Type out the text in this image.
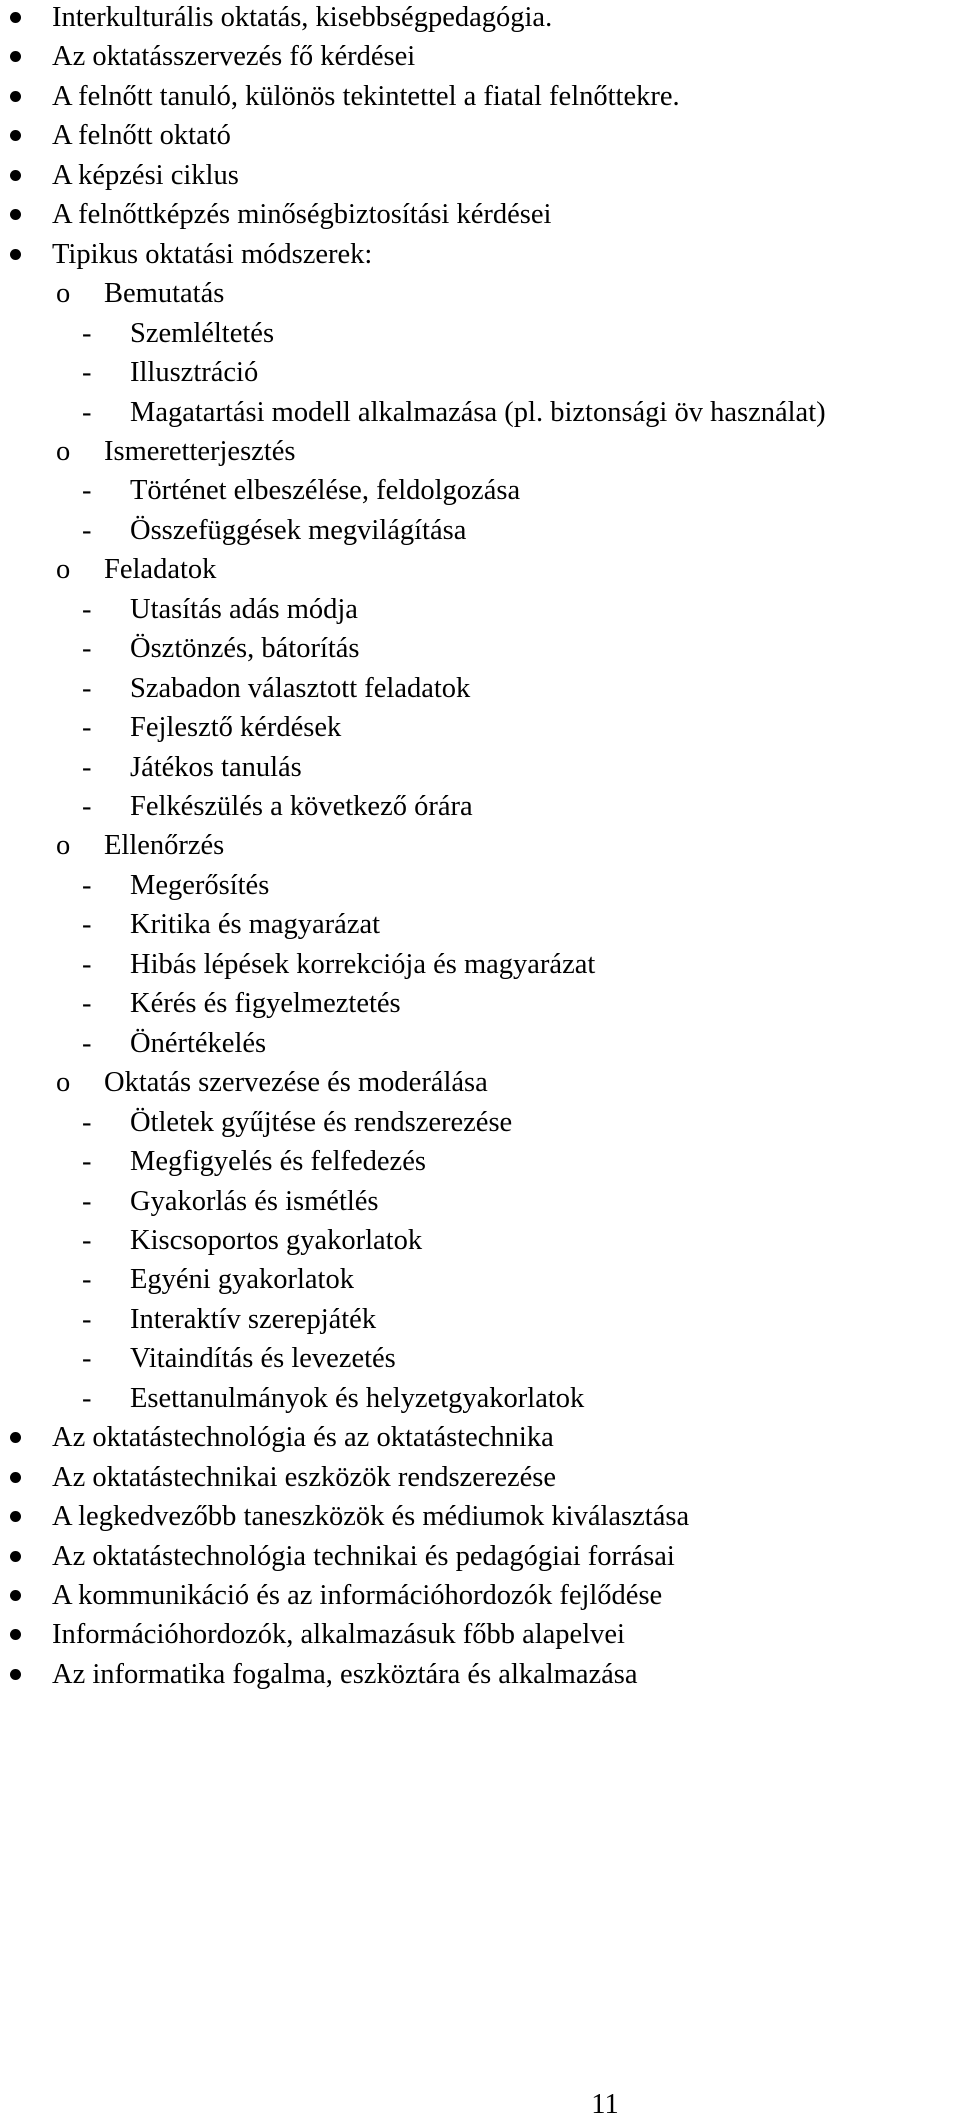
Interkulturális oktatás, kisebbségpedagógia.
Az oktatásszervezés fő kérdései
A felnőtt tanuló, különös tekintettel a fiatal felnőttekre.
A felnőtt oktató
A képzési ciklus
A felnőttképzés minőségbiztosítási kérdései
Tipikus oktatási módszerek:
o Bemutatás
- Szemléltetés
- Illusztráció
- Magatartási modell alkalmazása (pl. biztonsági öv használat)
o Ismeretterjesztés
- Történet elbeszélése, feldolgozása
- Összefüggések megvilágítása
o Feladatok
- Utasítás adás módja
- Ösztönzés, bátorítás
- Szabadon választott feladatok
- Fejlesztő kérdések
- Játékos tanulás
- Felkészülés a következő órára
o Ellenőrzés
- Megerősítés
- Kritika és magyarázat
- Hibás lépések korrekciója és magyarázat
- Kérés és figyelmeztetés
- Önértékelés
o Oktatás szervezése és moderálása
- Ötletek gyűjtése és rendszerezése
- Megfigyelés és felfedezés
- Gyakorlás és ismétlés
- Kiscsoportos gyakorlatok
- Egyéni gyakorlatok
- Interaktív szerepjáték
- Vitaindítás és levezetés
- Esettanulmányok és helyzetgyakorlatok
Az oktatástechnológia és az oktatástechnika
Az oktatástechnikai eszközök rendszerezése
A legkedvezőbb taneszközök és médiumok kiválasztása
Az oktatástechnológia technikai és pedagógiai forrásai
A kommunikáció és az információhordozók fejlődése
Információhordozók, alkalmazásuk főbb alapelvei
Az informatika fogalma, eszköztára és alkalmazása
11
